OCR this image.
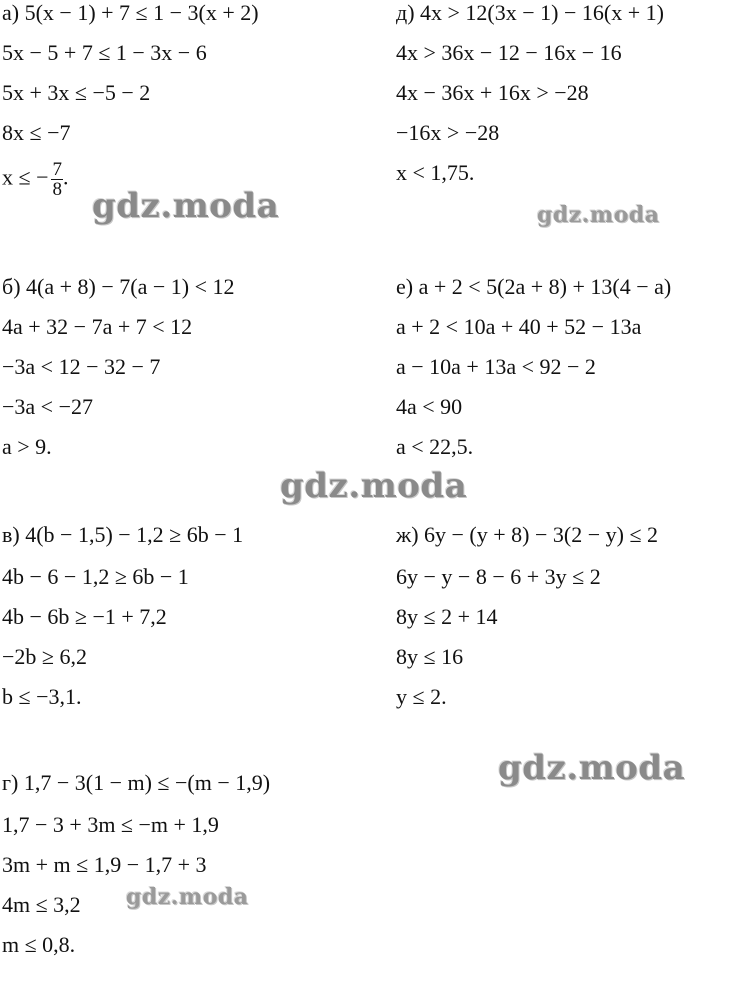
а) 5(x − 1) + 7 ≤ 1 − 3(x + 2)
5x − 5 + 7 ≤ 1 − 3x − 6
5x + 3x ≤ −5 − 2
8x ≤ −7
x ≤ − $\frac{7}{8}$ .
д) 4x > 12(3x − 1) − 16(x + 1)
4x > 36x − 12 − 16x − 16
4x − 36x + 16x > −28
−16x > −28
x < 1,75.
б) 4(a + 8) − 7(a − 1) < 12
4a + 32 − 7a + 7 < 12
−3a < 12 − 32 − 7
−3a < −27
a > 9.
е) a + 2 < 5(2a + 8) + 13(4 − a)
a + 2 < 10a + 40 + 52 − 13a
a − 10a + 13a < 92 − 2
4a < 90
a < 22,5.
в) 4(b − 1,5) − 1,2 ≥ 6b − 1
4b − 6 − 1,2 ≥ 6b − 1
4b − 6b ≥ −1 + 7,2
−2b ≥ 6,2
b ≤ −3,1.
ж) 6y − (y + 8) − 3(2 − y) ≤ 2
6y − y − 8 − 6 + 3y ≤ 2
8y ≤ 2 + 14
8y ≤ 16
y ≤ 2.
г) 1,7 − 3(1 − m) ≤ −(m − 1,9)
1,7 − 3 + 3m ≤ −m + 1,9
3m + m ≤ 1,9 − 1,7 + 3
4m ≤ 3,2
m ≤ 0,8.
gdz.moda	gdz.moda
gdz.moda
gdz.moda
gdz.moda
